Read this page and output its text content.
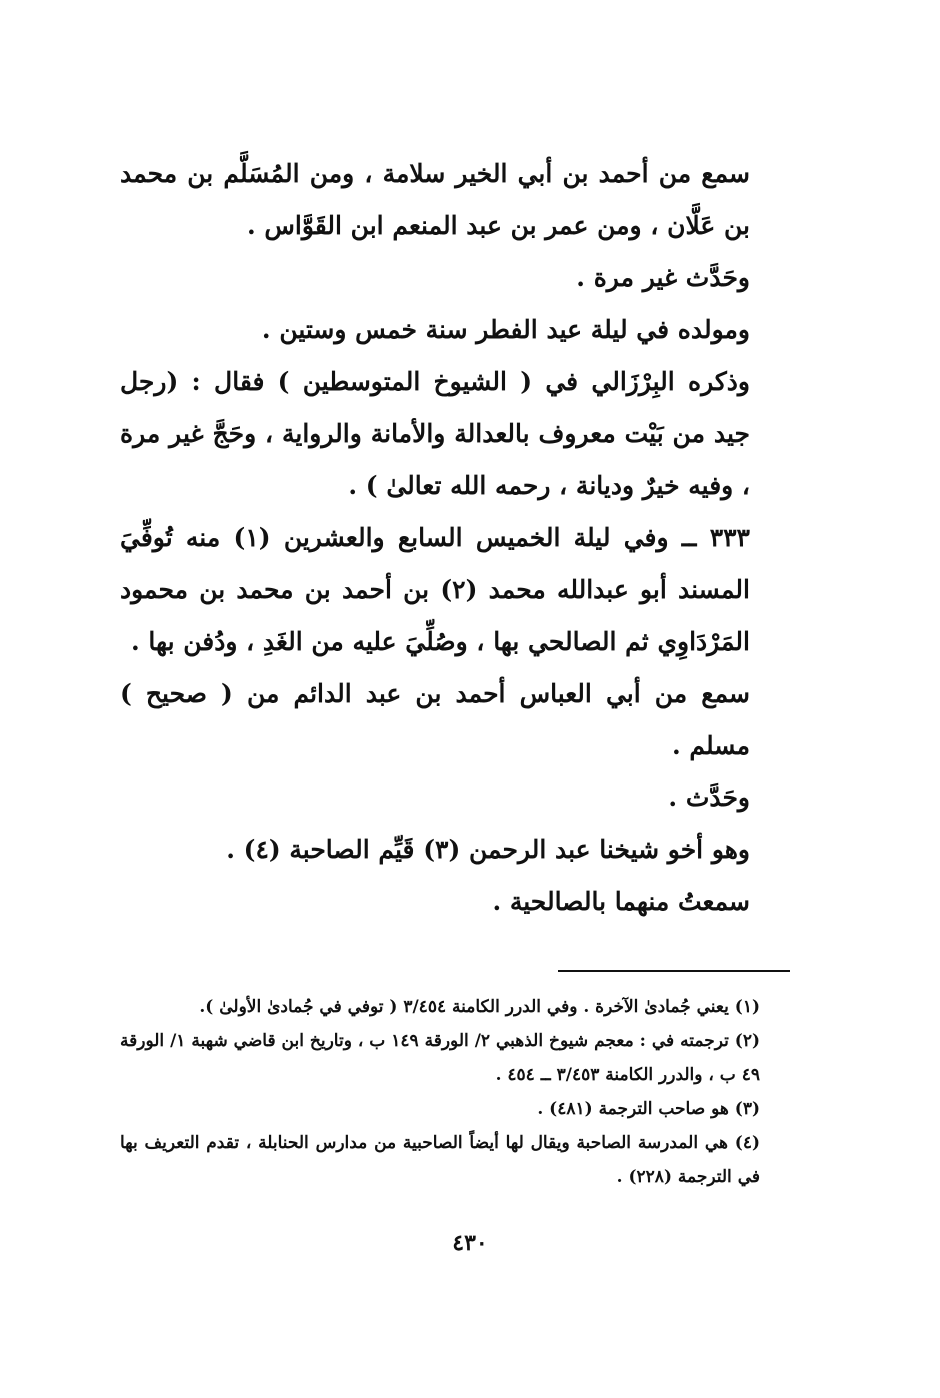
سمع من أحمد بن أبي الخير سلامة ، ومن المُسَلَّم بن محمد بن عَلَّان ، ومن عمر بن عبد المنعم ابن القَوَّاس .

وحَدَّث غير مرة .

ومولده في ليلة عيد الفطر سنة خمس وستين .

وذكره البِرْزَالي في ( الشيوخ المتوسطين ) فقال : (رجل جيد من بَيْت معروف بالعدالة والأمانة والرواية ، وحَجَّ غير مرة ، وفيه خيرٌ وديانة ، رحمه الله تعالىٰ ) .

٣٣٣ ــ وفي ليلة الخميس السابع والعشرين (١) منه تُوفِّيَ المسند أبو عبدالله محمد (٢) بن أحمد بن محمد بن محمود المَرْدَاوِي ثم الصالحي بها ، وصُلِّيَ عليه من الغَدِ ، ودُفن بها .

سمع من أبي العباس أحمد بن عبد الدائم من ( صحيح ) مسلم .

وحَدَّث .

وهو أخو شيخنا عبد الرحمن (٣) قَيِّم الصاحبة (٤) .

سمعتُ منهما بالصالحية .

(١) يعني جُمادىٰ الآخرة . وفي الدرر الكامنة ٣/٤٥٤ ( توفي في جُمادىٰ الأولىٰ ).

(٢) ترجمته في : معجم شيوخ الذهبي ٢/ الورقة ١٤٩ ب ، وتاريخ ابن قاضي شهبة ١/ الورقة ٤٩ ب ، والدرر الكامنة ٣/٤٥٣ ــ ٤٥٤ .

(٣) هو صاحب الترجمة (٤٨١) .

(٤) هي المدرسة الصاحبة ويقال لها أيضاً الصاحبية من مدارس الحنابلة ، تقدم التعريف بها في الترجمة (٢٢٨) .

٤٣٠
